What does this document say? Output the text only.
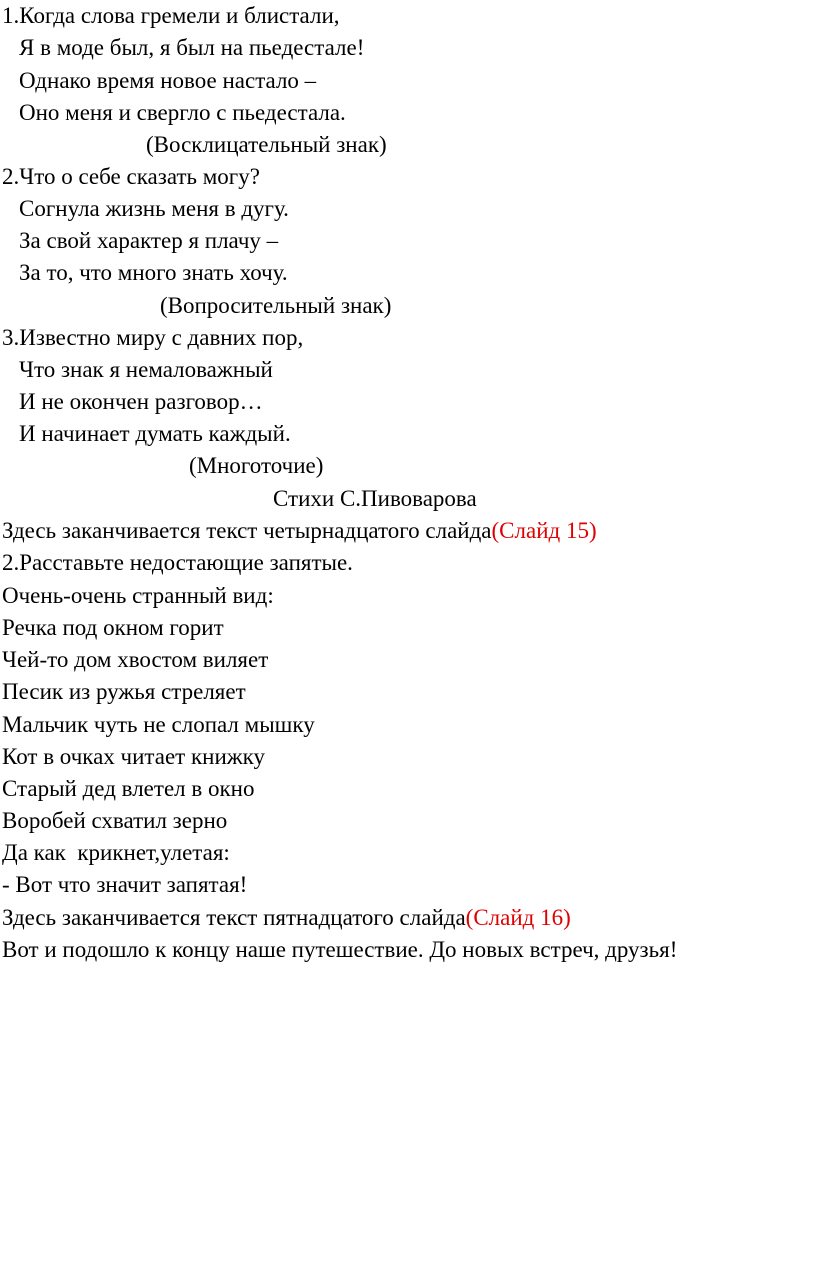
1.Когда слова гремели и блистали,
Я в моде был, я был на пьедестале!
Однако время новое настало –
Оно меня и свергло с пьедестала.
(Восклицательный знак)
2.Что о себе сказать могу?
Согнула жизнь меня в дугу.
За свой характер я плачу –
За то, что много знать хочу.
(Вопросительный знак)
3.Известно миру с давних пор,
Что знак я немаловажный
И не окончен разговор…
И начинает думать каждый.
(Многоточие)
Стихи С.Пивоварова
Здесь заканчивается текст четырнадцатого слайда(Слайд 15)
2.Расставьте недостающие запятые.
Очень-очень странный вид:
Речка под окном горит
Чей-то дом хвостом виляет
Песик из ружья стреляет
Мальчик чуть не слопал мышку
Кот в очках читает книжку
Старый дед влетел в окно
Воробей схватил зерно
Да как  крикнет,улетая:
- Вот что значит запятая!
Здесь заканчивается текст пятнадцатого слайда(Слайд 16)
Вот и подошло к концу наше путешествие. До новых встреч, друзья!
